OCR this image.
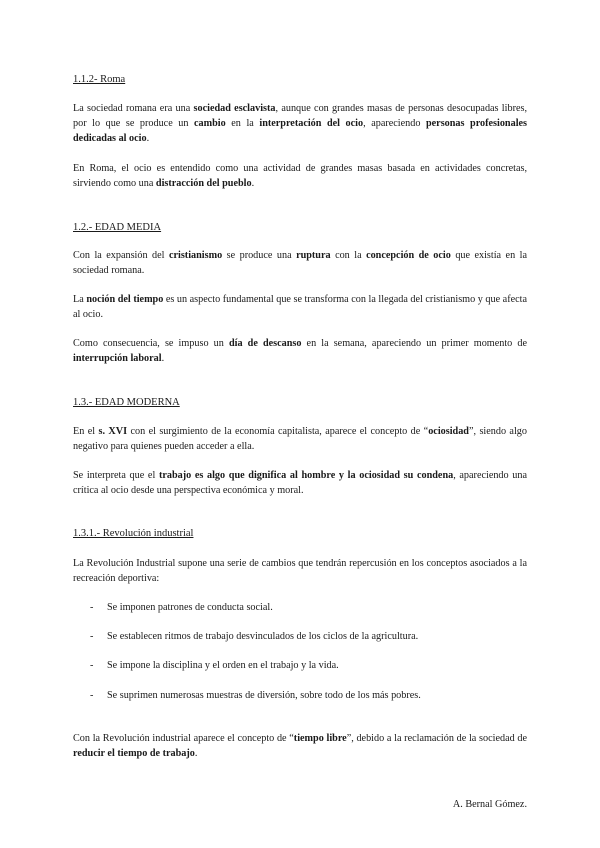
1.1.2- Roma

La sociedad romana era una sociedad esclavista, aunque con grandes masas de personas desocupadas libres, por lo que se produce un cambio en la interpretación del ocio, apareciendo personas profesionales dedicadas al ocio.

En Roma, el ocio es entendido como una actividad de grandes masas basada en actividades concretas, sirviendo como una distracción del pueblo.

1.2.- EDAD MEDIA

Con la expansión del cristianismo se produce una ruptura con la concepción de ocio que existía en la sociedad romana.

La noción del tiempo es un aspecto fundamental que se transforma con la llegada del cristianismo y que afecta al ocio.

Como consecuencia, se impuso un día de descanso en la semana, apareciendo un primer momento de interrupción laboral.

1.3.- EDAD MODERNA

En el s. XVI con el surgimiento de la economía capitalista, aparece el concepto de “ociosidad”, siendo algo negativo para quienes pueden acceder a ella.

Se interpreta que el trabajo es algo que dignifica al hombre y la ociosidad su condena, apareciendo una crítica al ocio desde una perspectiva económica y moral.

1.3.1.- Revolución industrial

La Revolución Industrial supone una serie de cambios que tendrán repercusión en los conceptos asociados a la recreación deportiva:

- Se imponen patrones de conducta social.

- Se establecen ritmos de trabajo desvinculados de los ciclos de la agricultura.

- Se impone la disciplina y el orden en el trabajo y la vida.

- Se suprimen numerosas muestras de diversión, sobre todo de los más pobres.

Con la Revolución industrial aparece el concepto de “tiempo libre”, debido a la reclamación de la sociedad de reducir el tiempo de trabajo.

A. Bernal Gómez.
